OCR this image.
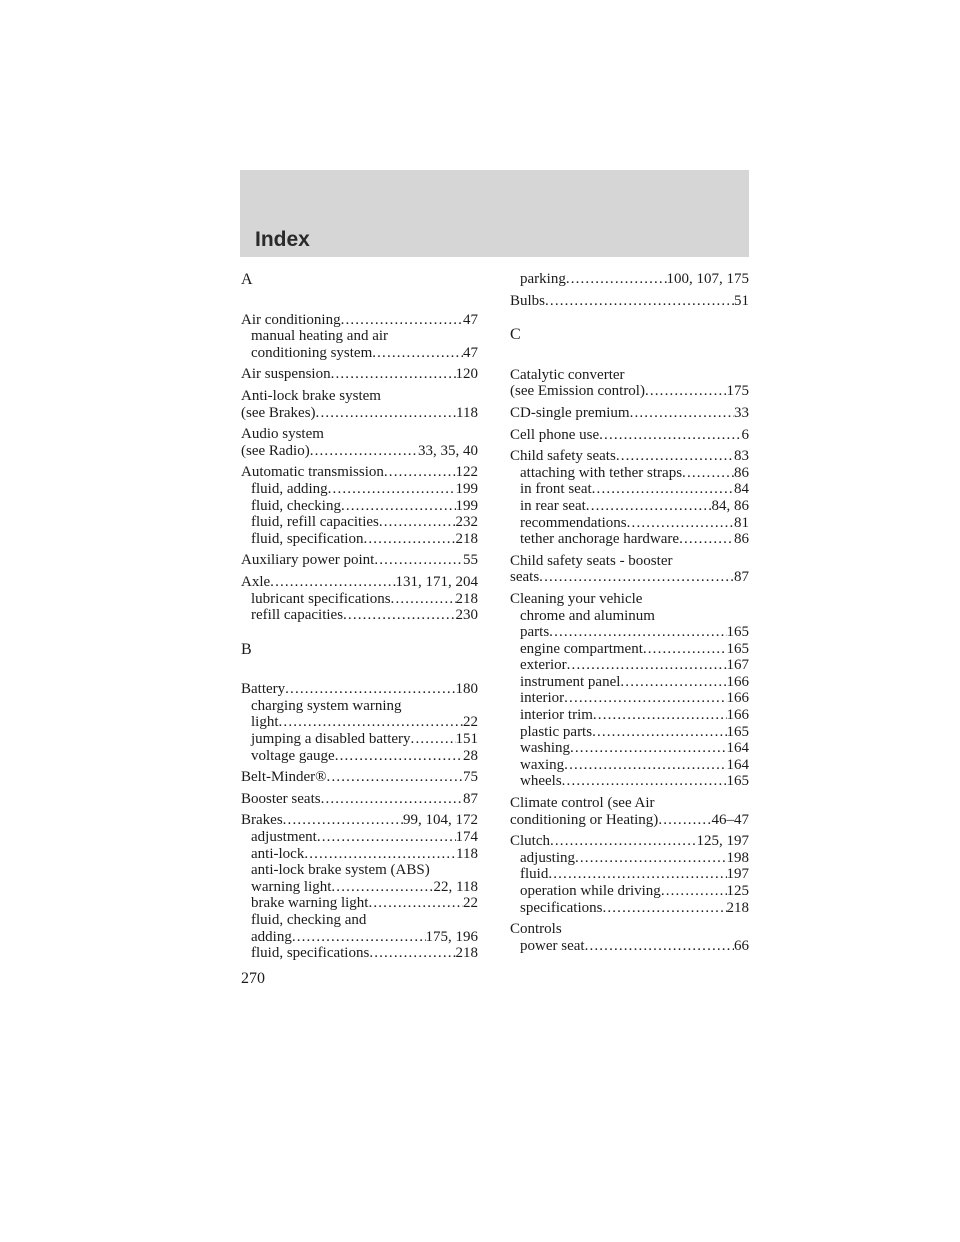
Index
A
Air conditioning . . .	47
manual heating and air
conditioning system . . .	47
Air suspension . . .	120
Anti-lock brake system
(see Brakes) . . .	118
Audio system
(see Radio) . . .	33, 35, 40
Automatic transmission . . .	122
fluid, adding . . .	199
fluid, checking . . .	199
fluid, refill capacities . . .	232
fluid, specification . . .	218
Auxiliary power point . . .	55
Axle . . .	131, 171, 204
lubricant specifications . . .	218
refill capacities . . .	230
B
Battery . . .	180
charging system warning
light . . .	22
jumping a disabled battery . . .	151
voltage gauge . . .	28
Belt-Minder® . . .	75
Booster seats . . .	87
Brakes . . .	99, 104, 172
adjustment . . .	174
anti-lock . . .	118
anti-lock brake system (ABS)
warning light . . .	22, 118
brake warning light . . .	22
fluid, checking and
adding . . .	175, 196
fluid, specifications . . .	218
parking . . .	100, 107, 175
Bulbs . . .	51
C
Catalytic converter
(see Emission control) . . .	175
CD-single premium . . .	33
Cell phone use . . .	6
Child safety seats . . .	83
attaching with tether straps . . .	86
in front seat . . .	84
in rear seat . . .	84, 86
recommendations . . .	81
tether anchorage hardware . . .	86
Child safety seats - booster
seats . . .	87
Cleaning your vehicle
chrome and aluminum
parts . . .	165
engine compartment . . .	165
exterior . . .	167
instrument panel . . .	166
interior . . .	166
interior trim . . .	166
plastic parts . . .	165
washing . . .	164
waxing . . .	164
wheels . . .	165
Climate control (see Air
conditioning or Heating) . . .	46–47
Clutch . . .	125, 197
adjusting . . .	198
fluid . . .	197
operation while driving . . .	125
specifications . . .	218
Controls
power seat . . .	66
270
